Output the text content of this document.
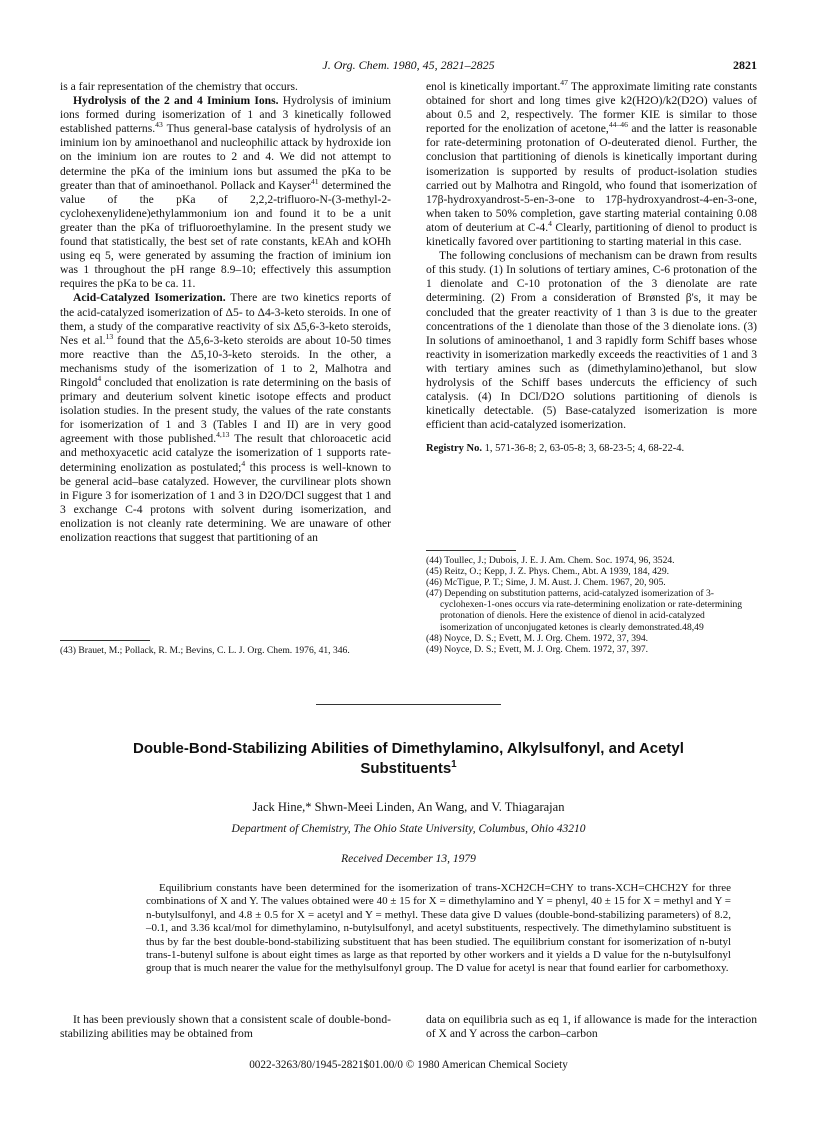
J. Org. Chem. 1980, 45, 2821–2825	2821

is a fair representation of the chemistry that occurs.

Hydrolysis of the 2 and 4 Iminium Ions. Hydrolysis of iminium ions formed during isomerization of 1 and 3 kinetically followed established patterns.$^{43}$ Thus general-base catalysis of hydrolysis of an iminium ion by aminoethanol and nucleophilic attack by hydroxide ion on the iminium ion are routes to 2 and 4. We did not attempt to determine the pKa of the iminium ions but assumed the pKa to be greater than that of aminoethanol. Pollack and Kayser$^{41}$ determined the value of the pKa of 2,2,2-trifluoro-N-(3-methyl-2-cyclohexenylidene)ethylammonium ion and found it to be a unit greater than the pKa of trifluoroethylamine. In the present study we found that statistically, the best set of rate constants, kEAh and kOHh using eq 5, were generated by assuming the fraction of iminium ion was 1 throughout the pH range 8.9–10; effectively this assumption requires the pKa to be ca. 11.

Acid-Catalyzed Isomerization. There are two kinetics reports of the acid-catalyzed isomerization of Δ5- to Δ4-3-keto steroids. In one of them, a study of the comparative reactivity of six Δ5,6-3-keto steroids, Nes et al.$^{13}$ found that the Δ5,6-3-keto steroids are about 10-50 times more reactive than the Δ5,10-3-keto steroids. In the other, a mechanisms study of the isomerization of 1 to 2, Malhotra and Ringold$^4$ concluded that enolization is rate determining on the basis of primary and deuterium solvent kinetic isotope effects and product isolation studies. In the present study, the values of the rate constants for isomerization of 1 and 3 (Tables I and II) are in very good agreement with those published.$^{4,13}$ The result that chloroacetic acid and methoxyacetic acid catalyze the isomerization of 1 supports rate-determining enolization as postulated;$^4$ this process is well-known to be general acid–base catalyzed. However, the curvilinear plots shown in Figure 3 for isomerization of 1 and 3 in D2O/DCl suggest that 1 and 3 exchange C-4 protons with solvent during isomerization, and enolization is not cleanly rate determining. We are unaware of other enolization reactions that suggest that partitioning of an

(43) Brauet, M.; Pollack, R. M.; Bevins, C. L. J. Org. Chem. 1976, 41, 346.

enol is kinetically important.$^{47}$ The approximate limiting rate constants obtained for short and long times give k2(H2O)/k2(D2O) values of about 0.5 and 2, respectively. The former KIE is similar to those reported for the enolization of acetone,$^{44-46}$ and the latter is reasonable for rate-determining protonation of O-deuterated dienol. Further, the conclusion that partitioning of dienols is kinetically important during isomerization is supported by results of product-isolation studies carried out by Malhotra and Ringold, who found that isomerization of 17β-hydroxyandrost-5-en-3-one to 17β-hydroxyandrost-4-en-3-one, when taken to 50% completion, gave starting material containing 0.08 atom of deuterium at C-4.$^4$ Clearly, partitioning of dienol to product is kinetically favored over partitioning to starting material in this case.

The following conclusions of mechanism can be drawn from results of this study. (1) In solutions of tertiary amines, C-6 protonation of the 1 dienolate and C-10 protonation of the 3 dienolate are rate determining. (2) From a consideration of Brønsted β's, it may be concluded that the greater reactivity of 1 than 3 is due to the greater concentrations of the 1 dienolate than those of the 3 dienolate ions. (3) In solutions of aminoethanol, 1 and 3 rapidly form Schiff bases whose reactivity in isomerization markedly exceeds the reactivities of 1 and 3 with tertiary amines such as (dimethylamino)ethanol, but slow hydrolysis of the Schiff bases undercuts the efficiency of such catalysis. (4) In DCl/D2O solutions partitioning of dienols is kinetically detectable. (5) Base-catalyzed isomerization is more efficient than acid-catalyzed isomerization.

Registry No. 1, 571-36-8; 2, 63-05-8; 3, 68-23-5; 4, 68-22-4.

(44) Toullec, J.; Dubois, J. E. J. Am. Chem. Soc. 1974, 96, 3524.
(45) Reitz, O.; Kepp, J. Z. Phys. Chem., Abt. A 1939, 184, 429.
(46) McTigue, P. T.; Sime, J. M. Aust. J. Chem. 1967, 20, 905.
(47) Depending on substitution patterns, acid-catalyzed isomerization of 3-cyclohexen-1-ones occurs via rate-determining enolization or rate-determining protonation of dienols. Here the existence of dienol in acid-catalyzed isomerization of unconjugated ketones is clearly demonstrated.48,49
(48) Noyce, D. S.; Evett, M. J. Org. Chem. 1972, 37, 394.
(49) Noyce, D. S.; Evett, M. J. Org. Chem. 1972, 37, 397.
Double-Bond-Stabilizing Abilities of Dimethylamino, Alkylsulfonyl, and Acetyl Substituents$^1$
Jack Hine,* Shwn-Meei Linden, An Wang, and V. Thiagarajan
Department of Chemistry, The Ohio State University, Columbus, Ohio 43210
Received December 13, 1979

Equilibrium constants have been determined for the isomerization of trans-XCH2CH=CHY to trans-XCH=CHCH2Y for three combinations of X and Y. The values obtained were 40 ± 15 for X = dimethylamino and Y = phenyl, 40 ± 15 for X = methyl and Y = n-butylsulfonyl, and 4.8 ± 0.5 for X = acetyl and Y = methyl. These data give D values (double-bond-stabilizing parameters) of 8.2, –0.1, and 3.36 kcal/mol for dimethylamino, n-butylsulfonyl, and acetyl substituents, respectively. The dimethylamino substituent is thus by far the best double-bond-stabilizing substituent that has been studied. The equilibrium constant for isomerization of n-butyl trans-1-butenyl sulfone is about eight times as large as that reported by other workers and it yields a D value for the n-butylsulfonyl group that is much nearer the value for the methylsulfonyl group. The D value for acetyl is near that found earlier for carbomethoxy.

It has been previously shown that a consistent scale of double-bond-stabilizing abilities may be obtained from

data on equilibria such as eq 1, if allowance is made for the interaction of X and Y across the carbon–carbon

0022-3263/80/1945-2821$01.00/0 © 1980 American Chemical Society
